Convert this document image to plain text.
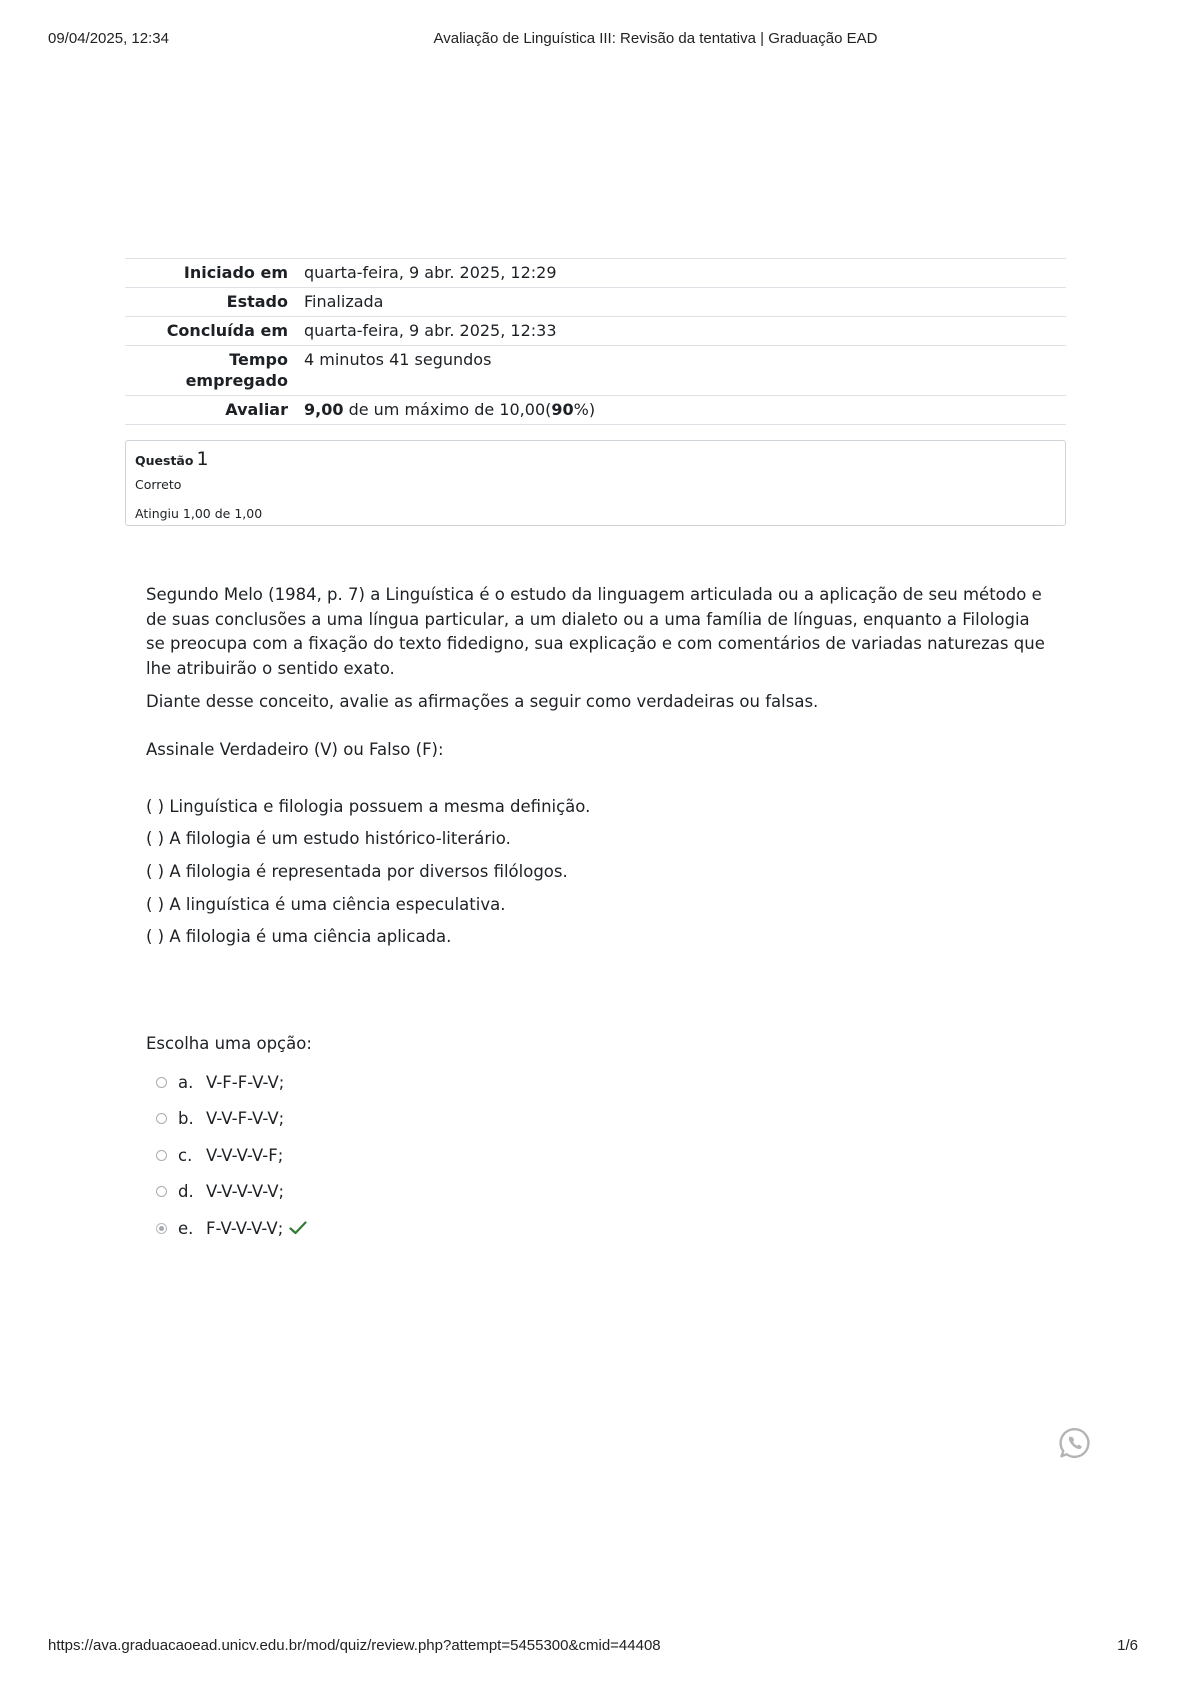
09/04/2025, 12:34	Avaliação de Linguística III: Revisão da tentativa | Graduação EAD
Iniciado em	quarta-feira, 9 abr. 2025, 12:29
Estado	Finalizada
Concluída em	quarta-feira, 9 abr. 2025, 12:33
Tempo empregado	4 minutos 41 segundos
Avaliar	9,00 de um máximo de 10,00(90%)
Questão 1
Correto
Atingiu 1,00 de 1,00

Segundo Melo (1984, p. 7) a Linguística é o estudo da linguagem articulada ou a aplicação de seu método e de suas conclusões a uma língua particular, a um dialeto ou a uma família de línguas, enquanto a Filologia se preocupa com a fixação do texto fidedigno, sua explicação e com comentários de variadas naturezas que lhe atribuirão o sentido exato.

Diante desse conceito, avalie as afirmações a seguir como verdadeiras ou falsas.

Assinale Verdadeiro (V) ou Falso (F):
( ) Linguística e filologia possuem a mesma definição.
( ) A filologia é um estudo histórico-literário.
( ) A filologia é representada por diversos filólogos.
( ) A linguística é uma ciência especulativa.
( ) A filologia é uma ciência aplicada.
Escolha uma opção:
a. V-F-F-V-V;
b. V-V-F-V-V;
c. V-V-V-V-F;
d. V-V-V-V-V;
e. F-V-V-V-V;
https://ava.graduacaoead.unicv.edu.br/mod/quiz/review.php?attempt=5455300&cmid=44408	1/6
